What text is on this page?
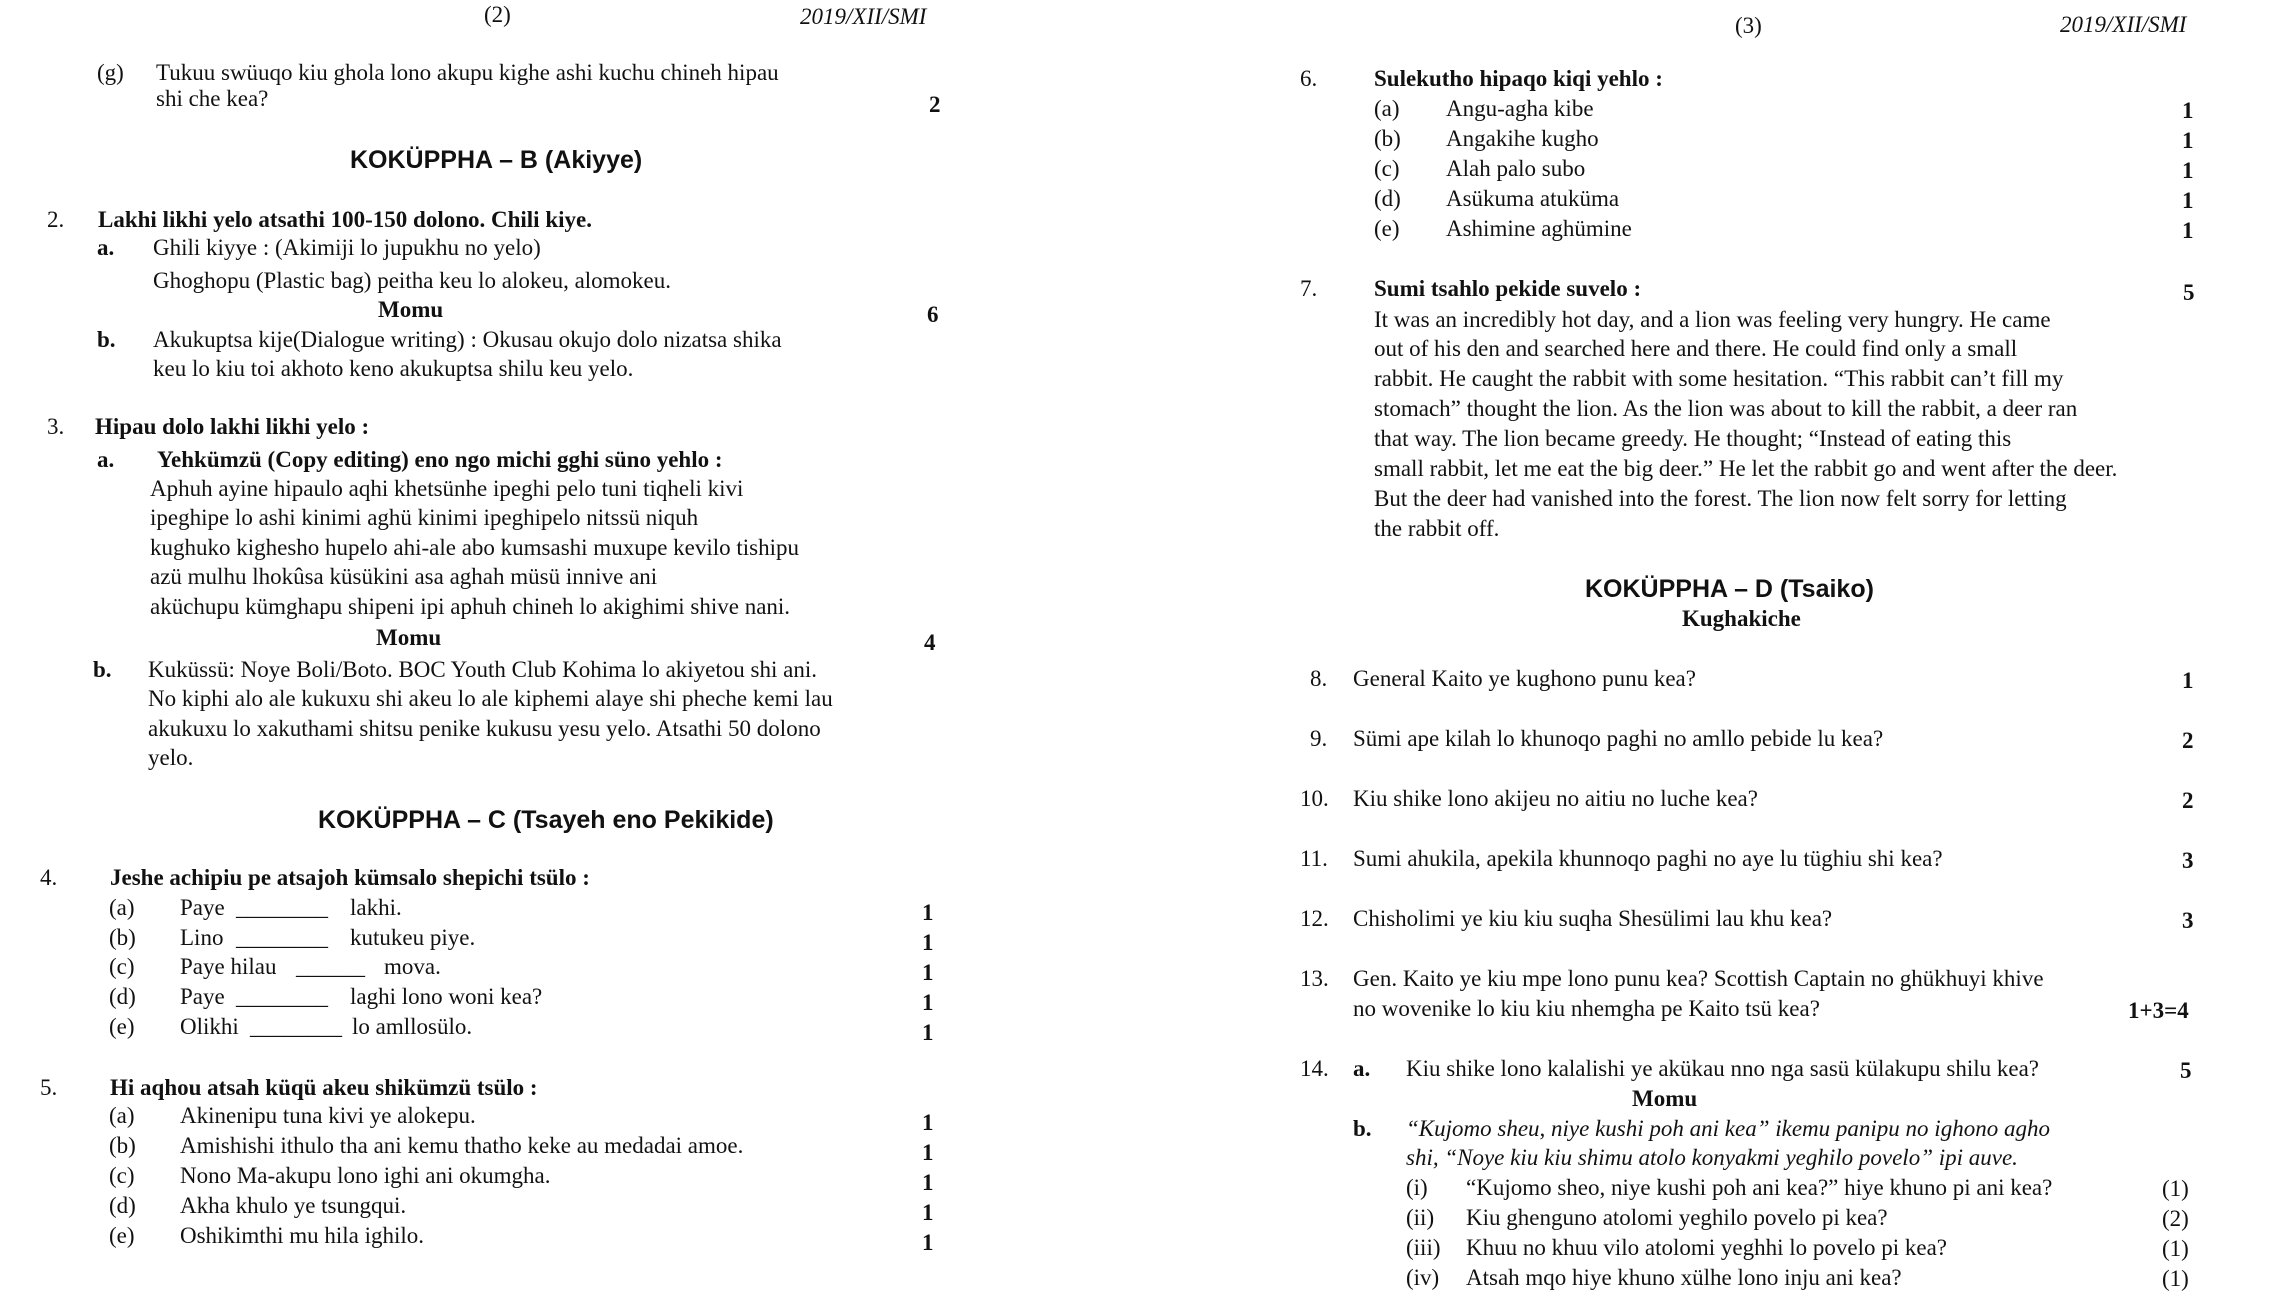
(2)	2019/XII/SMI
(g) Tukuu swüuqo kiu ghola lono akupu kighe ashi kuchu chineh hipau
shi che kea?	2
KOKÜPPHA – B (Akiyye)
2. Lakhi likhi yelo atsathi 100-150 dolono. Chili kiye.
a. Ghili kiyye : (Akimiji lo jupukhu no yelo)
Ghoghopu (Plastic bag) peitha keu lo alokeu, alomokeu.
Momu	6
b. Akukuptsa kije(Dialogue writing) : Okusau okujo dolo nizatsa shika
keu lo kiu toi akhoto keno akukuptsa shilu keu yelo.
3. Hipau dolo lakhi likhi yelo :
a. Yehkümzü (Copy editing) eno ngo michi gghi süno yehlo :
Aphuh ayine hipaulo aqhi khetsünhe ipeghi pelo tuni tiqheli kivi
ipeghipe lo ashi kinimi aghü kinimi ipeghipelo nitssü niquh
kughuko kighesho hupelo ahi-ale abo kumsashi muxupe kevilo tishipu
azü mulhu lhokûsa küsükini asa aghah müsü innive ani
aküchupu kümghapu shipeni ipi aphuh chineh lo akighimi shive nani.
Momu	4
b. Kuküssü: Noye Boli/Boto. BOC Youth Club Kohima lo akiyetou shi ani.
No kiphi alo ale kukuxu shi akeu lo ale kiphemi alaye shi pheche kemi lau
akukuxu lo xakuthami shitsu penike kukusu yesu yelo. Atsathi 50 dolono
yelo.
KOKÜPPHA – C (Tsayeh eno Pekikide)
4. Jeshe achipiu pe atsajoh kümsalo shepichi tsülo :
(a) Paye ________ lakhi.	1
(b) Lino ________ kutukeu piye.	1
(c) Paye hilau ______ mova.	1
(d) Paye ________ laghi lono woni kea?	1
(e) Olikhi ________ lo amllosülo.	1
5. Hi aqhou atsah küqü akeu shikümzü tsülo :
(a) Akinenipu tuna kivi ye alokepu.	1
(b) Amishishi ithulo tha ani kemu thatho keke au medadai amoe.	1
(c) Nono Ma-akupu lono ighi ani okumgha.	1
(d) Akha khulo ye tsungqui.	1
(e) Oshikimthi mu hila ighilo.	1
(3)	2019/XII/SMI
6. Sulekutho hipaqo kiqi yehlo :
(a) Angu-agha kibe	1
(b) Angakihe kugho	1
(c) Alah palo subo	1
(d) Asükuma atuküma	1
(e) Ashimine aghümine	1
7. Sumi tsahlo pekide suvelo :	5
It was an incredibly hot day, and a lion was feeling very hungry. He came
out of his den and searched here and there. He could find only a small
rabbit. He caught the rabbit with some hesitation. “This rabbit can’t fill my
stomach” thought the lion. As the lion was about to kill the rabbit, a deer ran
that way. The lion became greedy. He thought; “Instead of eating this
small rabbit, let me eat the big deer.” He let the rabbit go and went after the deer.
But the deer had vanished into the forest. The lion now felt sorry for letting
the rabbit off.
KOKÜPPHA – D (Tsaiko)
Kughakiche
8. General Kaito ye kughono punu kea?	1
9. Sümi ape kilah lo khunoqo paghi no amllo pebide lu kea?	2
10. Kiu shike lono akijeu no aitiu no luche kea?	2
11. Sumi ahukila, apekila khunnoqo paghi no aye lu tüghiu shi kea?	3
12. Chisholimi ye kiu kiu suqha Shesülimi lau khu kea?	3
13. Gen. Kaito ye kiu mpe lono punu kea? Scottish Captain no ghükhuyi khive
no wovenike lo kiu kiu nhemgha pe Kaito tsü kea?	1+3=4
14. a. Kiu shike lono kalalishi ye akükau nno nga sasü külakupu shilu kea?	5
Momu
b. “Kujomo sheu, niye kushi poh ani kea” ikemu panipu no ighono agho
shi, “Noye kiu kiu shimu atolo konyakmi yeghilo povelo” ipi auve.
(i) “Kujomo sheo, niye kushi poh ani kea?” hiye khuno pi ani kea?	(1)
(ii) Kiu ghenguno atolomi yeghilo povelo pi kea?	(2)
(iii) Khuu no khuu vilo atolomi yeghhi lo povelo pi kea?	(1)
(iv) Atsah mqo hiye khuno xülhe lono inju ani kea?	(1)
